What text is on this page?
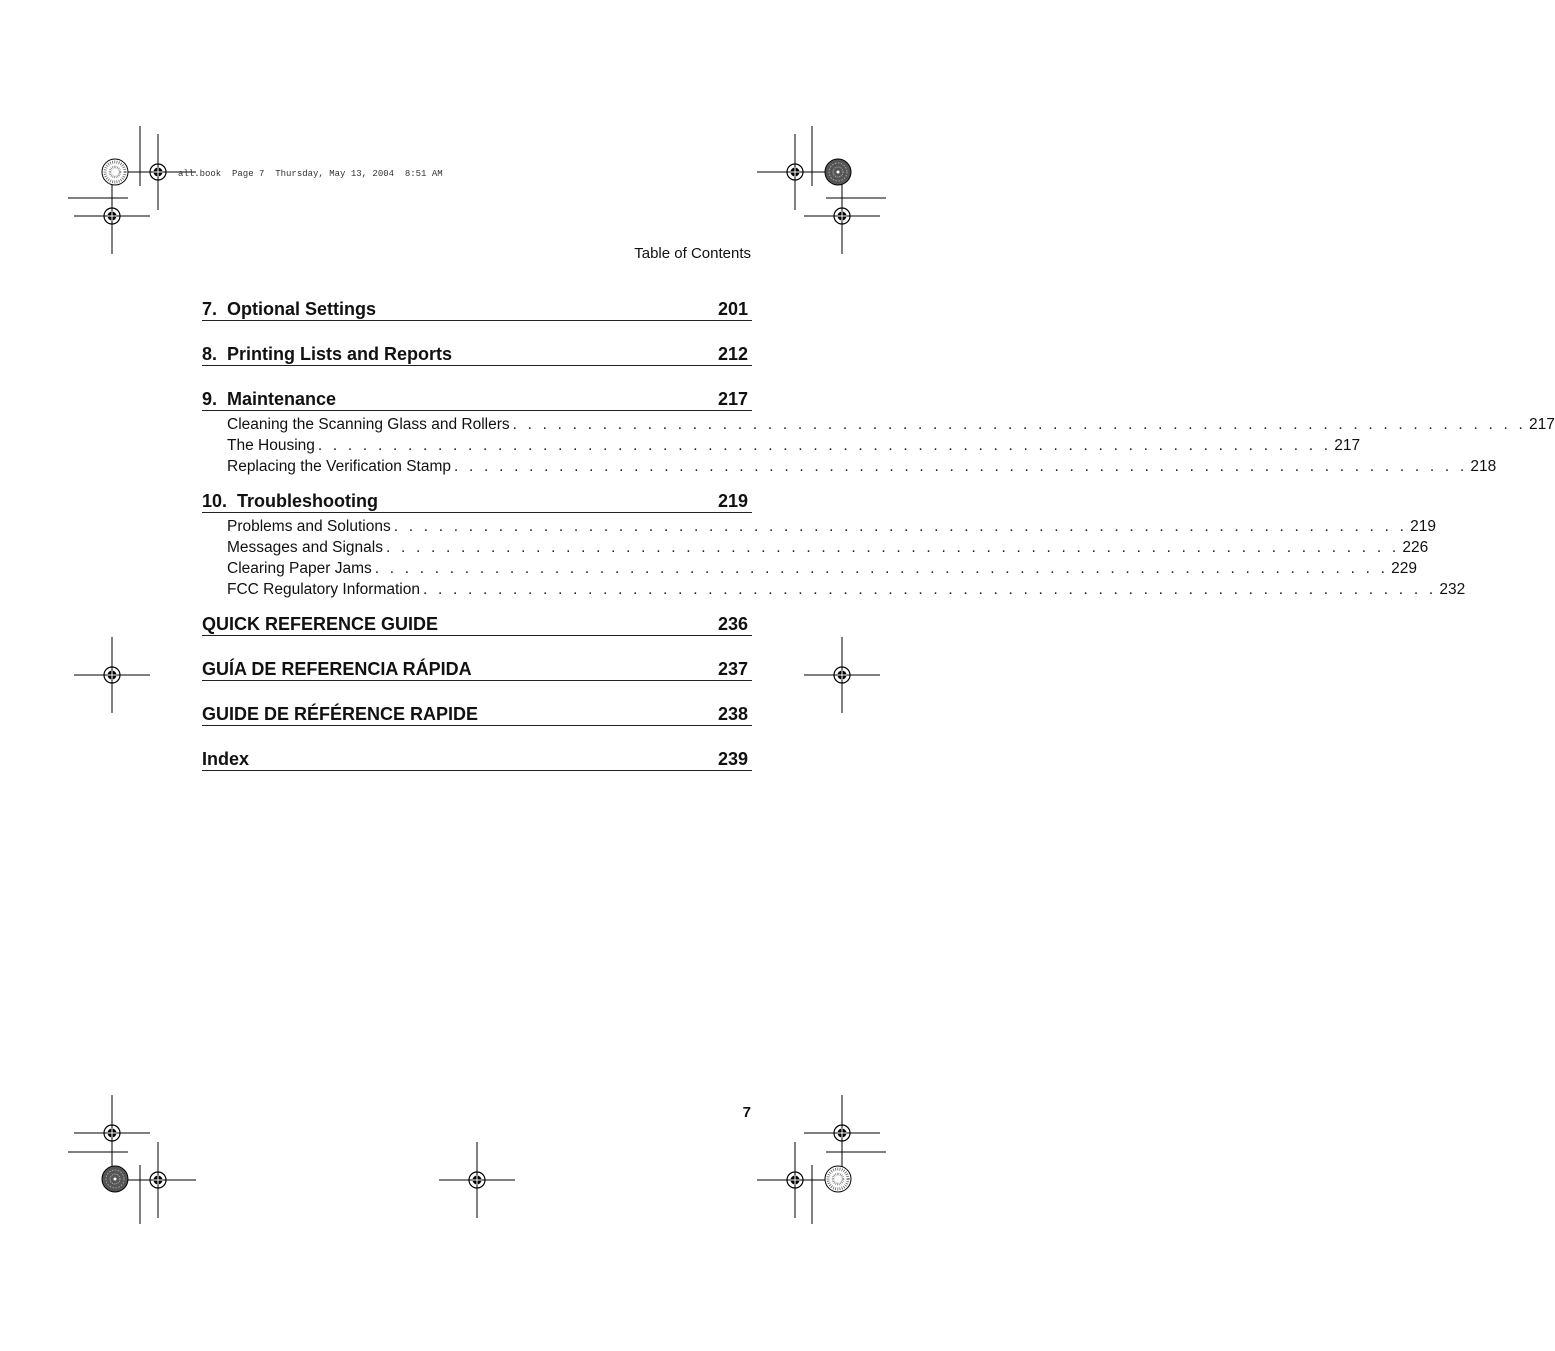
all.book  Page 7  Thursday, May 13, 2004  8:51 AM
Table of Contents
7.  Optional Settings	201
8.  Printing Lists and Reports	212
9.  Maintenance	217
Cleaning the Scanning Glass and Rollers . . . . . . . . . . . . . . . . . . . . . . . . . . . . . . . . . . . . . . . . . . . . . . . . . . . . . . . . . . . . . . . . . . . . 217
The Housing . . . . . . . . . . . . . . . . . . . . . . . . . . . . . . . . . . . . . . . . . . . . . . . . . . . . . . . . . . . . . . . . . . . . 217
Replacing the Verification Stamp . . . . . . . . . . . . . . . . . . . . . . . . . . . . . . . . . . . . . . . . . . . . . . . . . . . . . . . . . . . . . . . . . . . . 218
10.  Troubleshooting	219
Problems and Solutions . . . . . . . . . . . . . . . . . . . . . . . . . . . . . . . . . . . . . . . . . . . . . . . . . . . . . . . . . . . . . . . . . . . . 219
Messages and Signals . . . . . . . . . . . . . . . . . . . . . . . . . . . . . . . . . . . . . . . . . . . . . . . . . . . . . . . . . . . . . . . . . . . . 226
Clearing Paper Jams . . . . . . . . . . . . . . . . . . . . . . . . . . . . . . . . . . . . . . . . . . . . . . . . . . . . . . . . . . . . . . . . . . . . 229
FCC Regulatory Information . . . . . . . . . . . . . . . . . . . . . . . . . . . . . . . . . . . . . . . . . . . . . . . . . . . . . . . . . . . . . . . . . . . . 232
QUICK REFERENCE GUIDE	236
GUÍA DE REFERENCIA RÁPIDA	237
GUIDE DE RÉFÉRENCE RAPIDE	238
Index	239
7
